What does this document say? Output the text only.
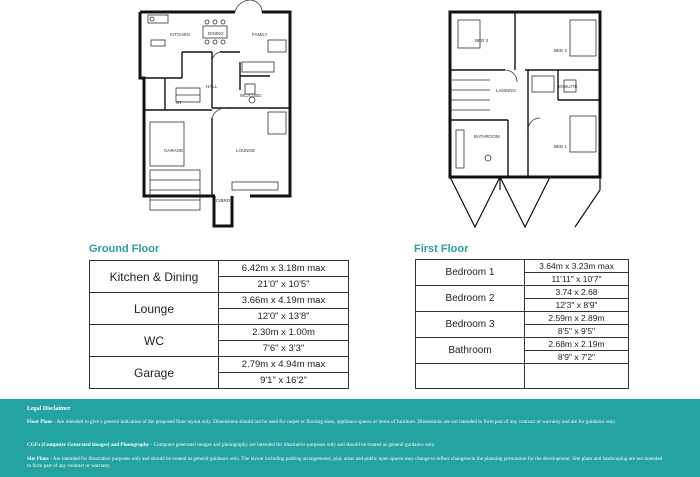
KITCHEN	DINING	FAMILY
HALL
WC/CUBD
ST
GARAGE	LOUNGE
C/BRD
BED 3
BED 2
LANDING
ENSUITE
BATHROOM
BED 1
Ground Floor	First Floor
Kitchen & Dining	6.42m x 3.18m max
	21'0" x 10'5"
Lounge	3.66m x 4.19m max
	12'0" x 13'8"
WC	2.30m x 1.00m
	7'6" x 3'3"
Garage	2.79m x 4.94m max
	9'1" x 16'2"
Bedroom 1	3.64m x 3.23m max
	11'11" x 10'7"
Bedroom 2	3.74 x 2.68
	12'3" x 8'9"
Bedroom 3	2.59m x 2.89m
	8'5" x 9'5"
Bathroom	2.68m x 2.19m
	8'9" x 7'2"

Legal Disclaimer

Floor Plans - Are intended to give a general indication of the proposed floor layout only. Dimensions should not be used for carpet or flooring sizes, appliance spaces or items of furniture. Dimensions are not intended to form part of any contract or warranty and are for guidance only.

CGI's (Computer Generated Images) and Photography - Computer generated images and photography are intended for illustrative purposes only and should be treated as general guidance only.

Site Plans - Are intended for illustrative purposes only and should be treated as general guidance only. The layout including parking arrangements, play areas and public open spaces may change to reflect changeswin the planning permission for the development. Site plans and landscaping are not intended to form part of any contract or warranty.
